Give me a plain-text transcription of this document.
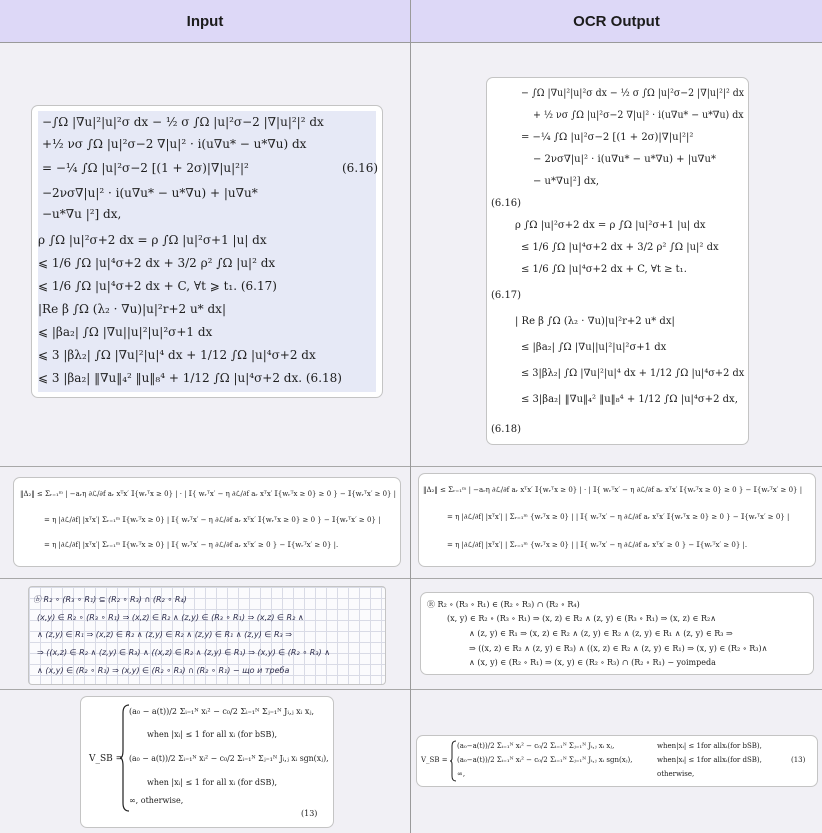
Input	OCR Output
−∫Ω |∇u|²|u|²σ dx − ½ σ ∫Ω |u|²σ−2 |∇|u|²|² dx
+½ νσ ∫Ω |u|²σ−2 ∇|u|² · i(u∇u* − u*∇u) dx
= −¼ ∫Ω |u|²σ−2 [(1 + 2σ)|∇|u|²|²	(6.16)
−2νσ∇|u|² · i(u∇u* − u*∇u) + |u∇u*
−u*∇u |²] dx,
ρ ∫Ω |u|²σ+2 dx = ρ ∫Ω |u|²σ+1 |u| dx
⩽ 1/6 ∫Ω |u|⁴σ+2 dx + 3/2 ρ² ∫Ω |u|² dx
⩽ 1/6 ∫Ω |u|⁴σ+2 dx + C, ∀t ⩾ t₁. (6.17)
|Re β ∫Ω (λ₂ · ∇u)|u|²r+2 u* dx|
⩽ |βa₂| ∫Ω |∇u||u|²|u|²σ+1 dx
⩽ 3 |βλ₂| ∫Ω |∇u|²|u|⁴ dx + 1/12 ∫Ω |u|⁴σ+2 dx
⩽ 3 |βa₂| ‖∇u‖₄² ‖u‖₈⁴ + 1/12 ∫Ω |u|⁴σ+2 dx. (6.18)
− ∫Ω |∇u|²|u|²σ dx − ½ σ ∫Ω |u|²σ−2 |∇|u|²|² dx
+ ½ νσ ∫Ω |u|²σ−2 ∇|u|² · i(u∇u* − u*∇u) dx
= −¼ ∫Ω |u|²σ−2 [(1 + 2σ)|∇|u|²|²
− 2νσ∇|u|² · i(u∇u* − u*∇u) + |u∇u*
− u*∇u|²] dx,
(6.16)
ρ ∫Ω |u|²σ+2 dx = ρ ∫Ω |u|²σ+1 |u| dx
≤ 1/6 ∫Ω |u|⁴σ+2 dx + 3/2 ρ² ∫Ω |u|² dx
≤ 1/6 ∫Ω |u|⁴σ+2 dx + C, ∀t ≥ t₁.
(6.17)
| Re β ∫Ω (λ₂ · ∇u)|u|²r+2 u* dx|
≤ |βa₂| ∫Ω |∇u||u|²|u|²σ+1 dx
≤ 3|βλ₂| ∫Ω |∇u|²|u|⁴ dx + 1/12 ∫Ω |u|⁴σ+2 dx
≤ 3|βa₂| ‖∇u‖₄² ‖u‖₈⁴ + 1/12 ∫Ω |u|⁴σ+2 dx,
(6.18)
‖Δ₂‖ ≤ Σᵣ₌₁ᵐ | −aᵣη ∂ℒ/∂f aᵣ xᵀx′ 𝕀{wᵣᵀx ≥ 0} | · | 𝕀{ wᵣᵀx′ − η ∂ℒ/∂f aᵣ xᵀx′ 𝕀{wᵣᵀx ≥ 0} ≥ 0 } − 𝕀{wᵣᵀx′ ≥ 0} |
= η |∂ℒ/∂f| |xᵀx′| Σᵣ₌₁ᵐ 𝕀{wᵣᵀx ≥ 0} | 𝕀{ wᵣᵀx′ − η ∂ℒ/∂f aᵣ xᵀx′ 𝕀{wᵣᵀx ≥ 0} ≥ 0 } − 𝕀{wᵣᵀx′ ≥ 0} |
= η |∂ℒ/∂f| |xᵀx′| Σᵣ₌₁ᵐ 𝕀{wᵣᵀx ≥ 0} | 𝕀{ wᵣᵀx′ − η ∂ℒ/∂f aᵣ xᵀx′ ≥ 0 } − 𝕀{wᵣᵀx′ ≥ 0} |.
‖Δ₂‖ ≤ Σᵣ₌₁ᵐ | −aᵣη ∂ℒ/∂f aᵣ xᵀx′ 𝕀{wᵣᵀx ≥ 0} | · | 𝕀{ wᵣᵀx′ − η ∂ℒ/∂f aᵣ xᵀx′ 𝕀{wᵣᵀx ≥ 0} ≥ 0 } − 𝕀{wᵣᵀx′ ≥ 0} |
= η |∂ℒ/∂f| |xᵀx′| | Σᵣ₌₁ᵐ {wᵣᵀx ≥ 0} | | 𝕀{ wᵣᵀx′ − η ∂ℒ/∂f aᵣ xᵀx′ 𝕀{wᵣᵀx ≥ 0} ≥ 0 } − 𝕀{wᵣᵀx′ ≥ 0} |
= η |∂ℒ/∂f| |xᵀx′| | Σᵣ₌₁ᵐ {wᵣᵀx ≥ 0} | | 𝕀{ wᵣᵀx′ − η ∂ℒ/∂f aᵣ xᵀx′ ≥ 0 } − 𝕀{wᵣᵀx′ ≥ 0} |.
ⓑ R₂ ∘ (R₃ ∘ R₁) ⊆ (R₂ ∘ R₃) ∩ (R₂ ∘ R₄)
(x,y) ∈ R₂ ∘ (R₃ ∘ R₁) ⇒ (x,z) ∈ R₂ ∧ (z,y) ∈ (R₃ ∘ R₁) ⇒ (x,z) ∈ R₂ ∧
∧ (z,y) ∈ R₁ ⇒ (x,z) ∈ R₂ ∧ (z,y) ∈ R₂ ∧ (z,y) ∈ R₁ ∧ (z,y) ∈ R₃ ⇒
⇒ ((x,z) ∈ R₂ ∧ (z,y) ∈ R₃) ∧ ((x,z) ∈ R₂ ∧ (z,y) ∈ R₁) ⇒ (x,y) ∈ (R₂ ∘ R₃) ∧
∧ (x,y) ∈ (R₂ ∘ R₁) ⇒ (x,y) ∈ (R₂ ∘ R₃) ∩ (R₂ ∘ R₁) − що и треба
Ⓡ R₂ ∘ (R₃ ∘ R₁) ∈ (R₂ ∘ R₃) ∩ (R₂ ∘ R₄)
(x, y) ∈ R₂ ∘ (R₃ ∘ R₁) ⇒ (x, z) ∈ R₂ ∧ (z, y) ∈ (R₃ ∘ R₁) ⇒ (x, z) ∈ R₂∧
∧ (z, y) ∈ R₁ ⇒ (x, z) ∈ R₂ ∧ (z, y) ∈ R₂ ∧ (z, y) ∈ R₁ ∧ (z, y) ∈ R₃ ⇒
⇒ ((x, z) ∈ R₂ ∧ (z, y) ∈ R₃) ∧ ((x, z) ∈ R₂ ∧ (z, y) ∈ R₁) ⇒ (x, y) ∈ (R₂ ∘ R₃)∧
∧ (x, y) ∈ (R₂ ∘ R₁) ⇒ (x, y) ∈ (R₂ ∘ R₃) ∩ (R₂ ∘ R₁) − yoimpeda
V_SB =
(a₀ − a(t))/2 Σᵢ₌₁ᴺ xᵢ² − c₀/2 Σᵢ₌₁ᴺ Σⱼ₌₁ᴺ Jᵢ,ⱼ xᵢ xⱼ,
when |xᵢ| ≤ 1 for all xᵢ (for bSB),
(a₀ − a(t))/2 Σᵢ₌₁ᴺ xᵢ² − c₀/2 Σᵢ₌₁ᴺ Σⱼ₌₁ᴺ Jᵢ,ⱼ xᵢ sgn(xⱼ),
when |xᵢ| ≤ 1 for all xᵢ (for dSB),
∞, otherwise,
(13)
V_SB =
(a₀−a(t))/2 Σᵢ₌₁ᴺ xᵢ² − c₀/2 Σᵢ₌₁ᴺ Σⱼ₌₁ᴺ Jᵢ,ⱼ xᵢ xⱼ,	when|xᵢ| ≤ 1for allxᵢ(for bSB),
(a₀−a(t))/2 Σᵢ₌₁ᴺ xᵢ² − c₀/2 Σᵢ₌₁ᴺ Σⱼ₌₁ᴺ Jᵢ,ⱼ xᵢ sgn(xⱼ),	when|xᵢ| ≤ 1for allxᵢ(for dSB),
∞,	otherwise,
(13)
